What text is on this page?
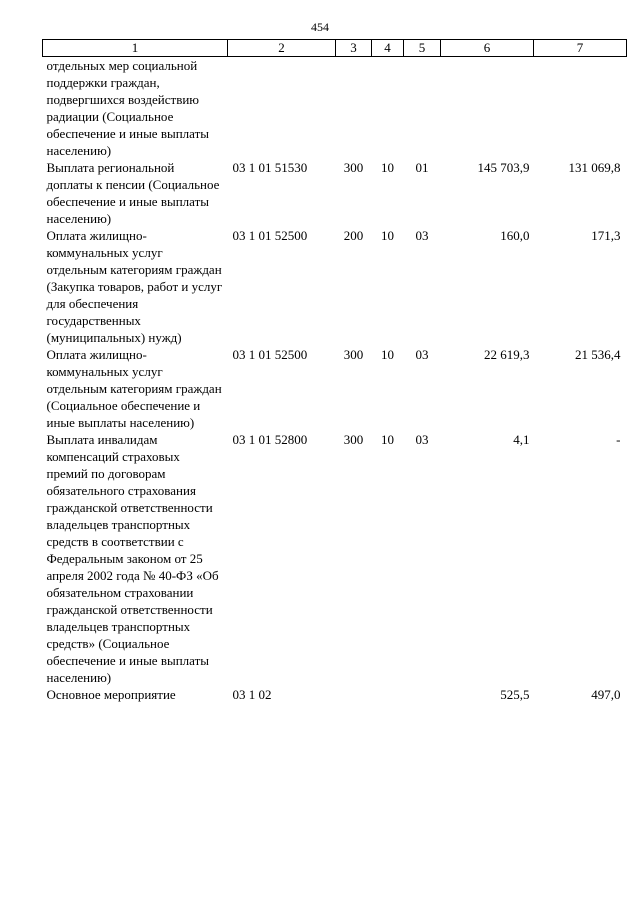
454
1	2	3	4	5	6	7
отдельных мер социальной поддержки граждан, подвергшихся воздействию радиации (Социальное обеспечение и иные выплаты населению)						
Выплата региональной доплаты к пенсии (Социальное обеспечение и иные выплаты населению)	03 1 01 51530	300	10	01	145 703,9	131 069,8
Оплата жилищно-коммунальных услуг отдельным категориям граждан (Закупка товаров, работ и услуг для обеспечения государственных (муниципальных) нужд)	03 1 01 52500	200	10	03	160,0	171,3
Оплата жилищно-коммунальных услуг отдельным категориям граждан (Социальное обеспечение и иные выплаты населению)	03 1 01 52500	300	10	03	22 619,3	21 536,4
Выплата инвалидам компенсаций страховых премий по договорам обязательного страхования гражданской ответственности владельцев транспортных средств в соответствии с Федеральным законом от 25 апреля 2002 года № 40-ФЗ «Об обязательном страховании гражданской ответственности владельцев транспортных средств» (Социальное обеспечение и иные выплаты населению)	03 1 01 52800	300	10	03	4,1	-
Основное мероприятие	03 1 02				525,5	497,0
